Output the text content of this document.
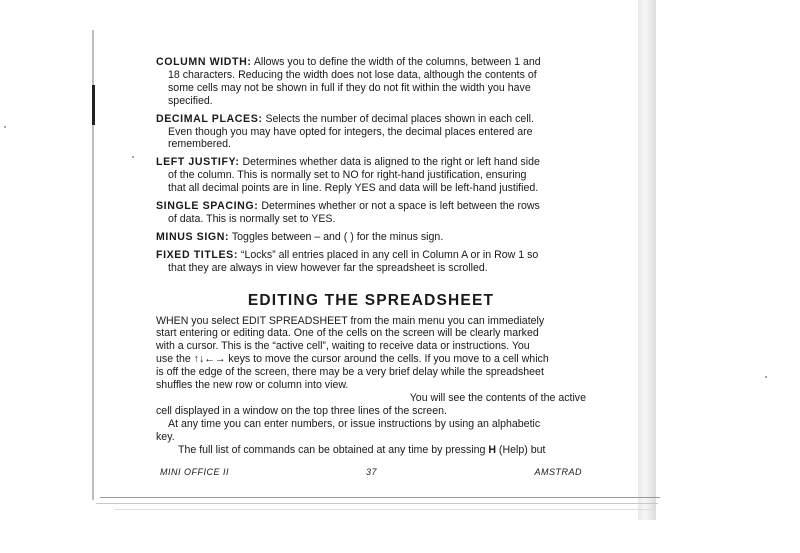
COLUMN WIDTH: Allows you to define the width of the columns, between 1 and
18 characters. Reducing the width does not lose data, although the contents of
some cells may not be shown in full if they do not fit within the width you have
specified.
DECIMAL PLACES: Selects the number of decimal places shown in each cell.
Even though you may have opted for integers, the decimal places entered are
remembered.
LEFT JUSTIFY: Determines whether data is aligned to the right or left hand side
of the column. This is normally set to NO for right-hand justification, ensuring
that all decimal points are in line. Reply YES and data will be left-hand justified.
SINGLE SPACING: Determines whether or not a space is left between the rows
of data. This is normally set to YES.
MINUS SIGN: Toggles between – and ( ) for the minus sign.
FIXED TITLES: “Locks” all entries placed in any cell in Column A or in Row 1 so
that they are always in view however far the spreadsheet is scrolled.
EDITING THE SPREADSHEET
WHEN you select EDIT SPREADSHEET from the main menu you can immediately
start entering or editing data. One of the cells on the screen will be clearly marked
with a cursor. This is the “active cell”, waiting to receive data or instructions. You
use the ↑↓←→ keys to move the cursor around the cells. If you move to a cell which
is off the edge of the screen, there may be a very brief delay while the spreadsheet
shuffles the new row or column into view.
You will see the contents of the active
cell displayed in a window on the top three lines of the screen.
At any time you can enter numbers, or issue instructions by using an alphabetic
key.
The full list of commands can be obtained at any time by pressing H (Help) but
MINI OFFICE II	37	AMSTRAD
